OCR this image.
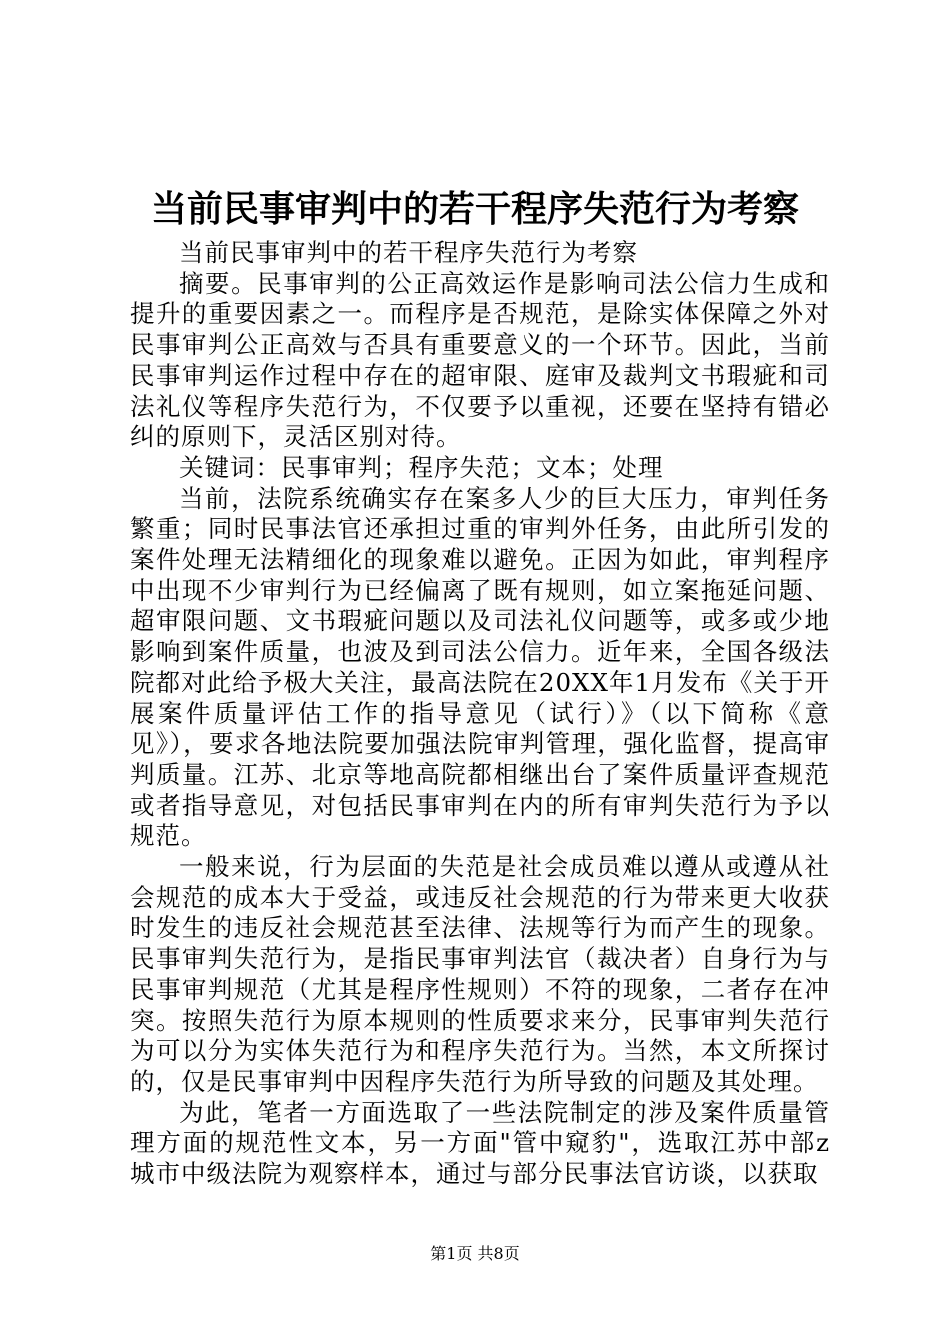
当前民事审判中的若干程序失范行为考察

当前民事审判中的若干程序失范行为考察

摘要。民事审判的公正高效运作是影响司法公信力生成和提升的重要因素之一。而程序是否规范，是除实体保障之外对民事审判公正高效与否具有重要意义的一个环节。因此，当前民事审判运作过程中存在的超审限、庭审及裁判文书瑕疵和司法礼仪等程序失范行为，不仅要予以重视，还要在坚持有错必纠的原则下，灵活区别对待。

关键词：民事审判；程序失范；文本；处理

当前，法院系统确实存在案多人少的巨大压力，审判任务繁重；同时民事法官还承担过重的审判外任务，由此所引发的案件处理无法精细化的现象难以避免。正因为如此，审判程序中出现不少审判行为已经偏离了既有规则，如立案拖延问题、超审限问题、文书瑕疵问题以及司法礼仪问题等，或多或少地影响到案件质量，也波及到司法公信力。近年来，全国各级法院都对此给予极大关注，最高法院在20XX年1月发布《关于开展案件质量评估工作的指导意见（试行）》（以下简称《意见》），要求各地法院要加强法院审判管理，强化监督，提高审判质量。江苏、北京等地高院都相继出台了案件质量评查规范或者指导意见，对包括民事审判在内的所有审判失范行为予以规范。

一般来说，行为层面的失范是社会成员难以遵从或遵从社会规范的成本大于受益，或违反社会规范的行为带来更大收获时发生的违反社会规范甚至法律、法规等行为而产生的现象。民事审判失范行为，是指民事审判法官（裁决者）自身行为与民事审判规范（尤其是程序性规则）不符的现象，二者存在冲突。按照失范行为原本规则的性质要求来分，民事审判失范行为可以分为实体失范行为和程序失范行为。当然，本文所探讨的，仅是民事审判中因程序失范行为所导致的问题及其处理。

为此，笔者一方面选取了一些法院制定的涉及案件质量管理方面的规范性文本，另一方面"管中窥豹"，选取江苏中部z城市中级法院为观察样本，通过与部分民事法官访谈，以获取

第1页 共8页
